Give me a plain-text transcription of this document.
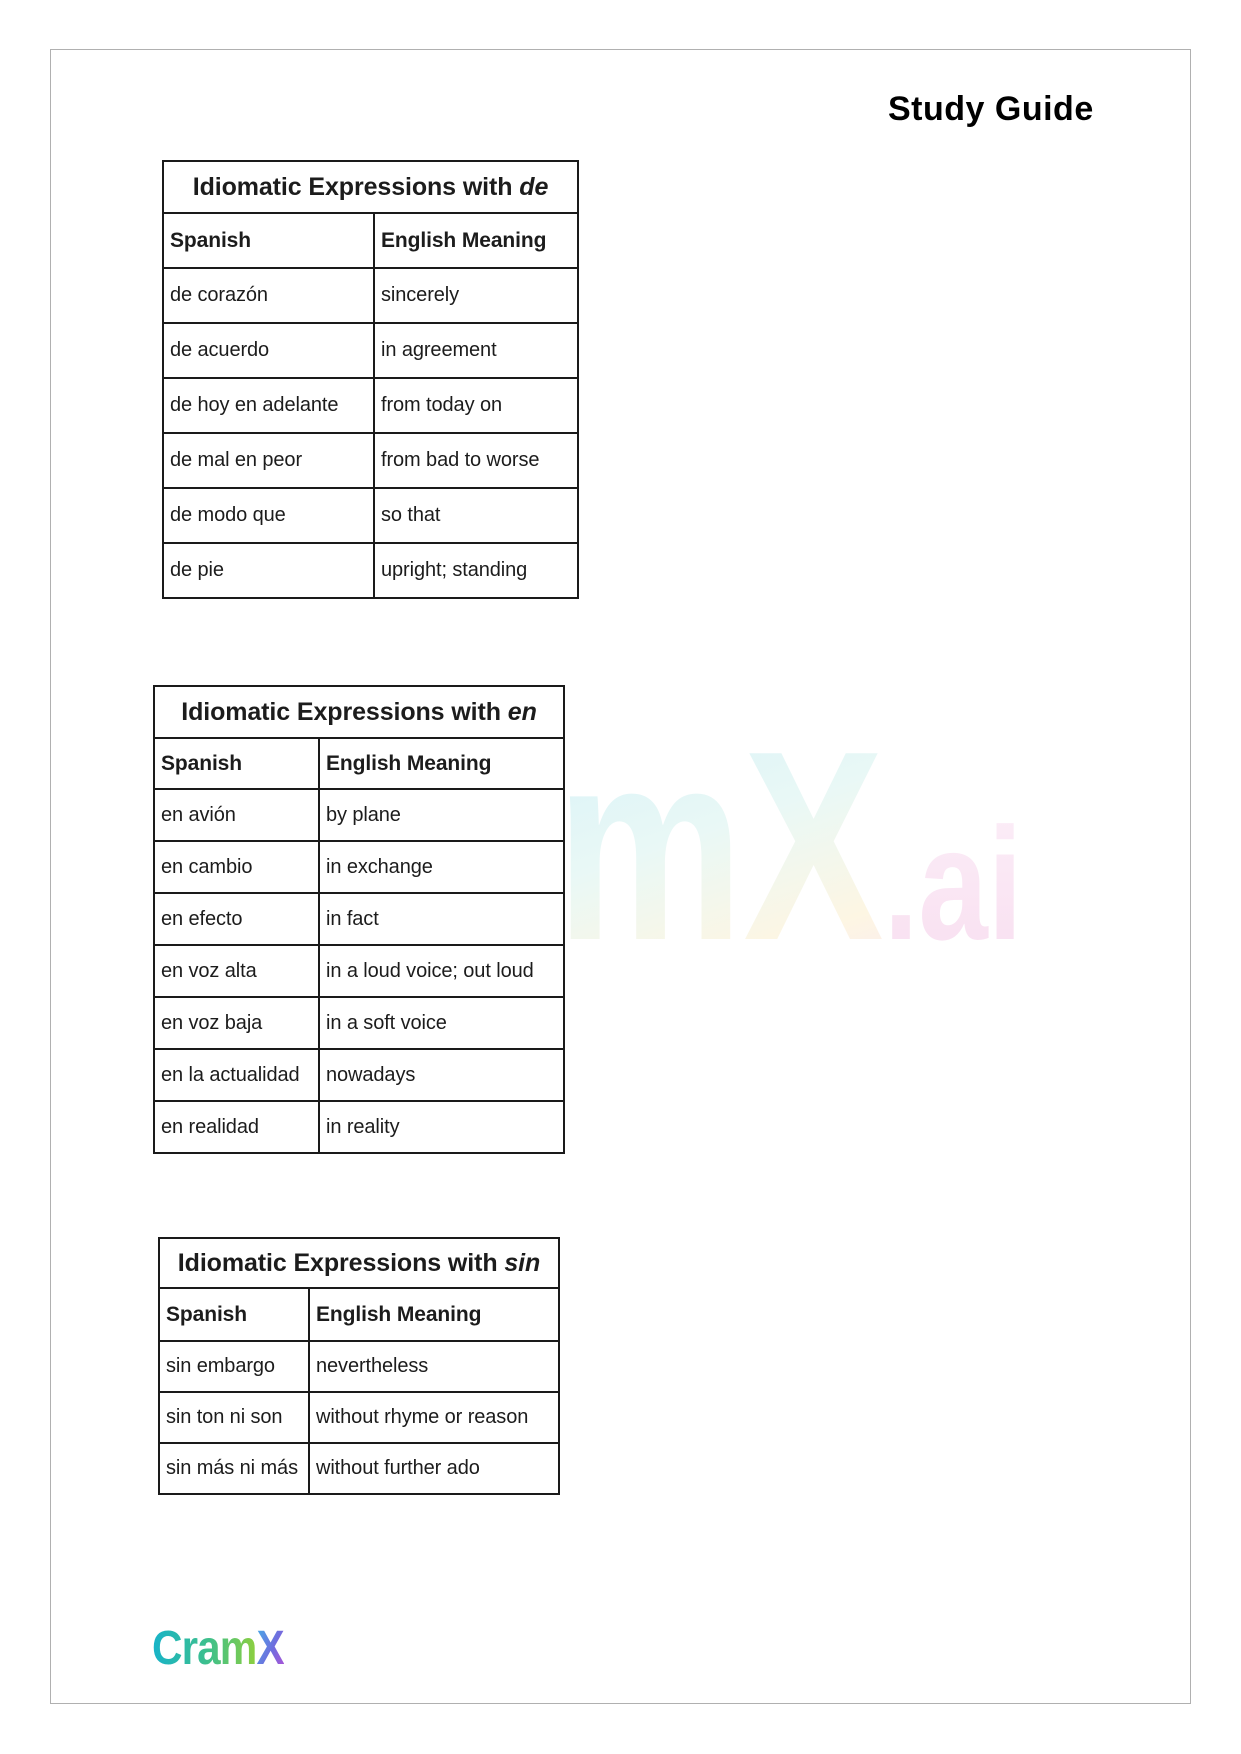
Study Guide
Idiomatic Expressions with de	
Spanish	English Meaning
de corazón	sincerely
de acuerdo	in agreement
de hoy en adelante	from today on
de mal en peor	from bad to worse
de modo que	so that
de pie	upright; standing
Idiomatic Expressions with en	
Spanish	English Meaning
en avión	by plane
en cambio	in exchange
en efecto	in fact
en voz alta	in a loud voice; out loud
en voz baja	in a soft voice
en la actualidad	nowadays
en realidad	in reality
Idiomatic Expressions with sin	
Spanish	English Meaning
sin embargo	nevertheless
sin ton ni son	without rhyme or reason
sin más ni más	without further ado
CramX
